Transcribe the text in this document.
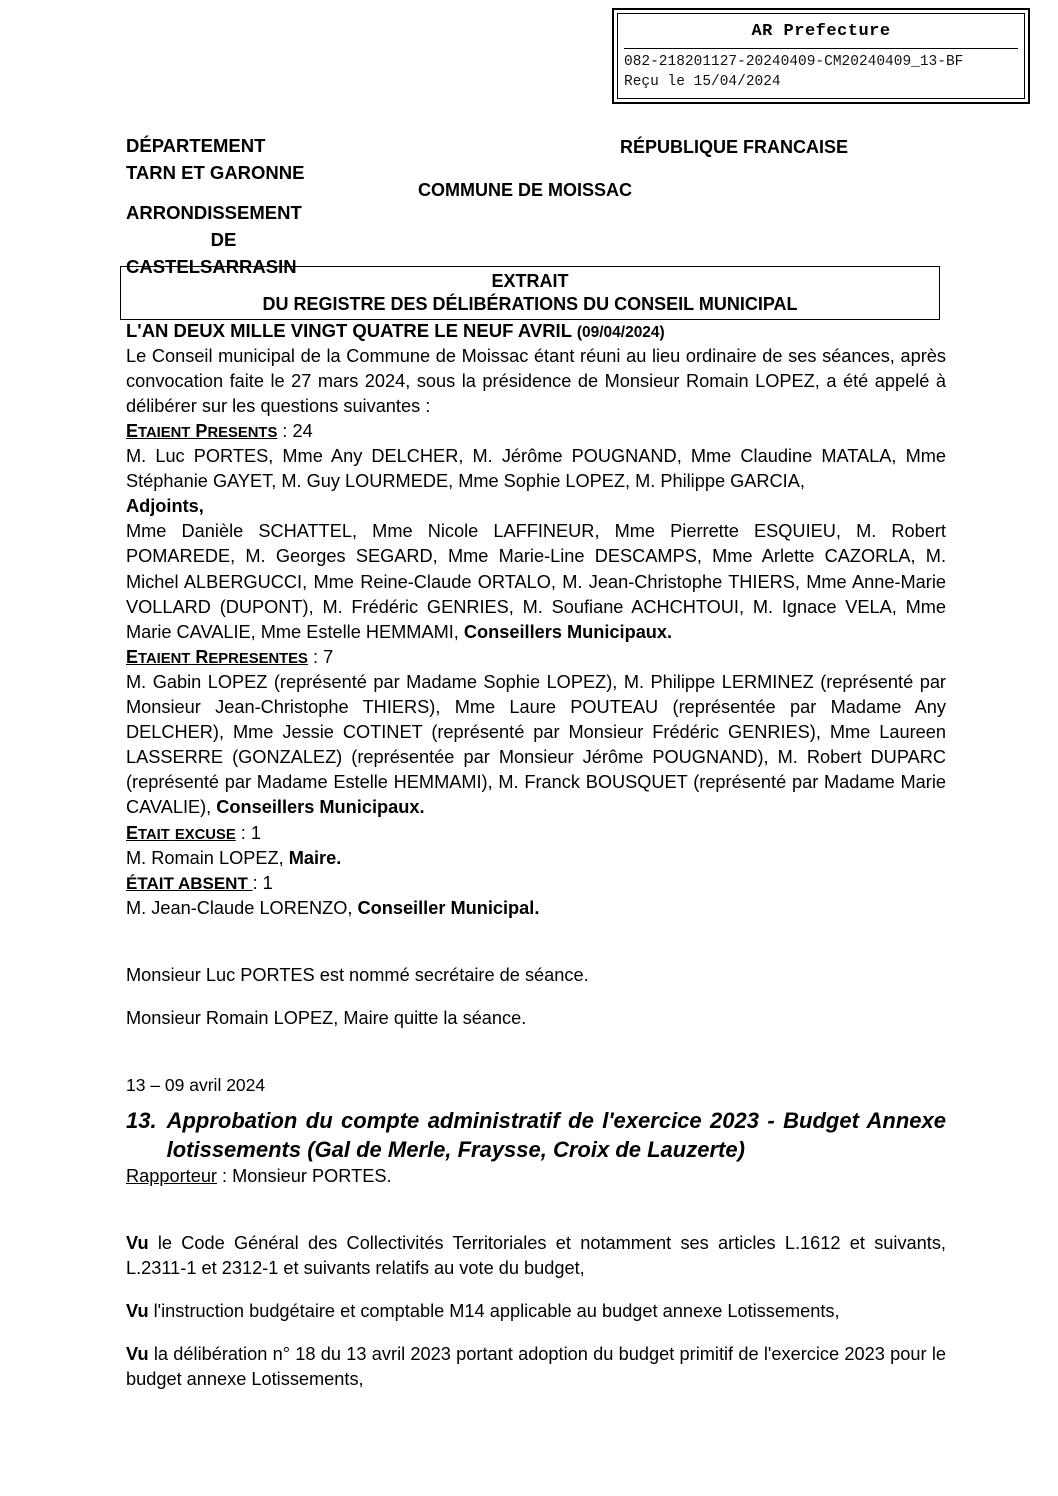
AR Prefecture
082-218201127-20240409-CM20240409_13-BF
Reçu le 15/04/2024
DÉPARTEMENT
TARN ET GARONNE
ARRONDISSEMENT
DE
CASTELSARRASIN
RÉPUBLIQUE FRANCAISE
COMMUNE DE MOISSAC
EXTRAIT
DU REGISTRE DES DÉLIBÉRATIONS DU CONSEIL MUNICIPAL

L'AN DEUX MILLE VINGT QUATRE LE NEUF AVRIL (09/04/2024)

Le Conseil municipal de la Commune de Moissac étant réuni au lieu ordinaire de ses séances, après convocation faite le 27 mars 2024, sous la présidence de Monsieur Romain LOPEZ, a été appelé à délibérer sur les questions suivantes :

ETAIENT PRESENTS : 24

M. Luc PORTES, Mme Any DELCHER, M. Jérôme POUGNAND, Mme Claudine MATALA, Mme Stéphanie GAYET, M. Guy LOURMEDE, Mme Sophie LOPEZ, M. Philippe GARCIA,
Adjoints,

Mme Danièle SCHATTEL, Mme Nicole LAFFINEUR, Mme Pierrette ESQUIEU, M. Robert POMAREDE, M. Georges SEGARD, Mme Marie-Line DESCAMPS, Mme Arlette CAZORLA, M. Michel ALBERGUCCI, Mme Reine-Claude ORTALO, M. Jean-Christophe THIERS, Mme Anne-Marie VOLLARD (DUPONT), M. Frédéric GENRIES, M. Soufiane ACHCHTOUI, M. Ignace VELA, Mme Marie CAVALIE, Mme Estelle HEMMAMI, Conseillers Municipaux.

ETAIENT REPRESENTES : 7

M. Gabin LOPEZ (représenté par Madame Sophie LOPEZ), M. Philippe LERMINEZ (représenté par Monsieur Jean-Christophe THIERS), Mme Laure POUTEAU (représentée par Madame Any DELCHER), Mme Jessie COTINET (représenté par Monsieur Frédéric GENRIES), Mme Laureen LASSERRE (GONZALEZ) (représentée par Monsieur Jérôme POUGNAND), M. Robert DUPARC (représenté par Madame Estelle HEMMAMI), M. Franck BOUSQUET (représenté par Madame Marie CAVALIE), Conseillers Municipaux.

ETAIT EXCUSE : 1

M. Romain LOPEZ, Maire.

ÉTAIT ABSENT : 1

M. Jean-Claude LORENZO, Conseiller Municipal.

Monsieur Luc PORTES est nommé secrétaire de séance.

Monsieur Romain LOPEZ, Maire quitte la séance.

13 – 09 avril 2024

13. Approbation du compte administratif de l'exercice 2023 - Budget Annexe lotissements (Gal de Merle, Fraysse, Croix de Lauzerte)

Rapporteur : Monsieur PORTES.

Vu le Code Général des Collectivités Territoriales et notamment ses articles L.1612 et suivants, L.2311-1 et 2312-1 et suivants relatifs au vote du budget,

Vu l'instruction budgétaire et comptable M14 applicable au budget annexe Lotissements,

Vu la délibération n° 18 du 13 avril 2023 portant adoption du budget primitif de l'exercice 2023 pour le budget annexe Lotissements,
